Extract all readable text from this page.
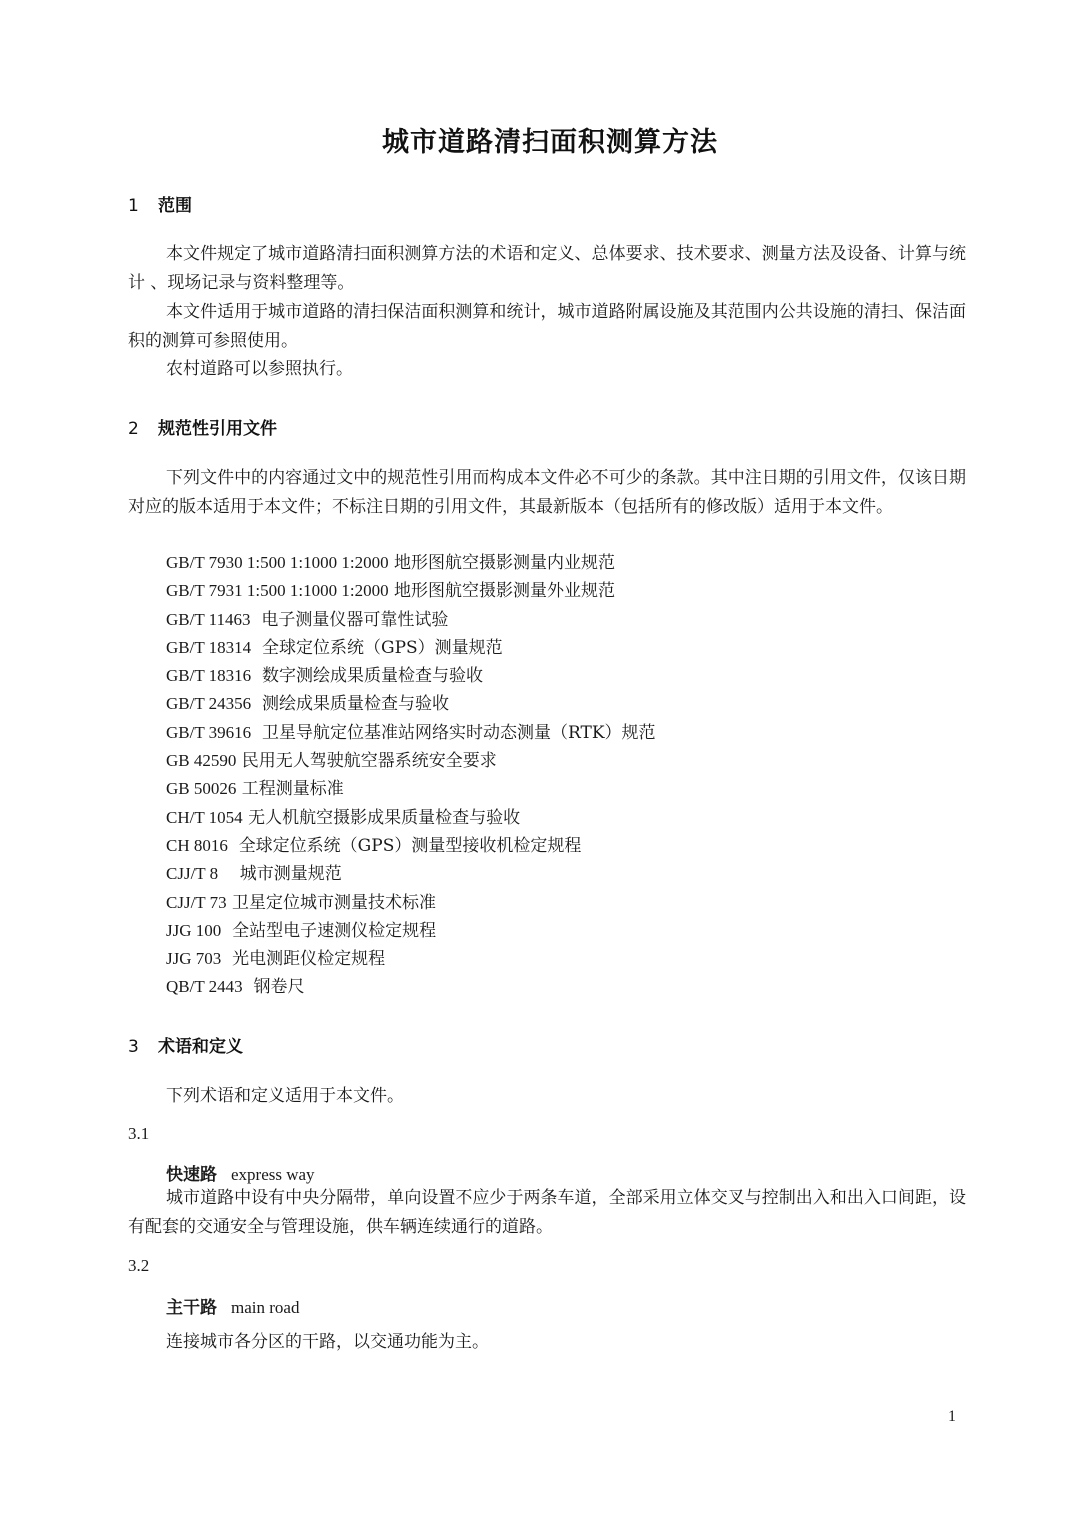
城市道路清扫面积测算方法
1 范围
本文件规定了城市道路清扫面积测算方法的术语和定义、总体要求、技术要求、测量方法及设备、计算与统计 、现场记录与资料整理等。
本文件适用于城市道路的清扫保洁面积测算和统计，城市道路附属设施及其范围内公共设施的清扫、保洁面积的测算可参照使用。
农村道路可以参照执行。
2 规范性引用文件
下列文件中的内容通过文中的规范性引用而构成本文件必不可少的条款。其中注日期的引用文件，仅该日期对应的版本适用于本文件；不标注日期的引用文件，其最新版本（包括所有的修改版）适用于本文件。
GB/T 7930 1:500 1:1000 1:2000 地形图航空摄影测量内业规范
GB/T 7931 1:500 1:1000 1:2000 地形图航空摄影测量外业规范
GB/T 11463 电子测量仪器可靠性试验
GB/T 18314 全球定位系统（GPS）测量规范
GB/T 18316 数字测绘成果质量检查与验收
GB/T 24356 测绘成果质量检查与验收
GB/T 39616 卫星导航定位基准站网络实时动态测量（RTK）规范
GB 42590 民用无人驾驶航空器系统安全要求
GB 50026 工程测量标准
CH/T 1054 无人机航空摄影成果质量检查与验收
CH 8016 全球定位系统（GPS）测量型接收机检定规程
CJJ/T 8 城市测量规范
CJJ/T 73 卫星定位城市测量技术标准
JJG 100 全站型电子速测仪检定规程
JJG 703 光电测距仪检定规程
QB/T 2443 钢卷尺
3 术语和定义
下列术语和定义适用于本文件。
3.1
快速路 express way
城市道路中设有中央分隔带，单向设置不应少于两条车道，全部采用立体交叉与控制出入和出入口间距，设有配套的交通安全与管理设施，供车辆连续通行的道路。
3.2
主干路 main road
连接城市各分区的干路，以交通功能为主。
1
